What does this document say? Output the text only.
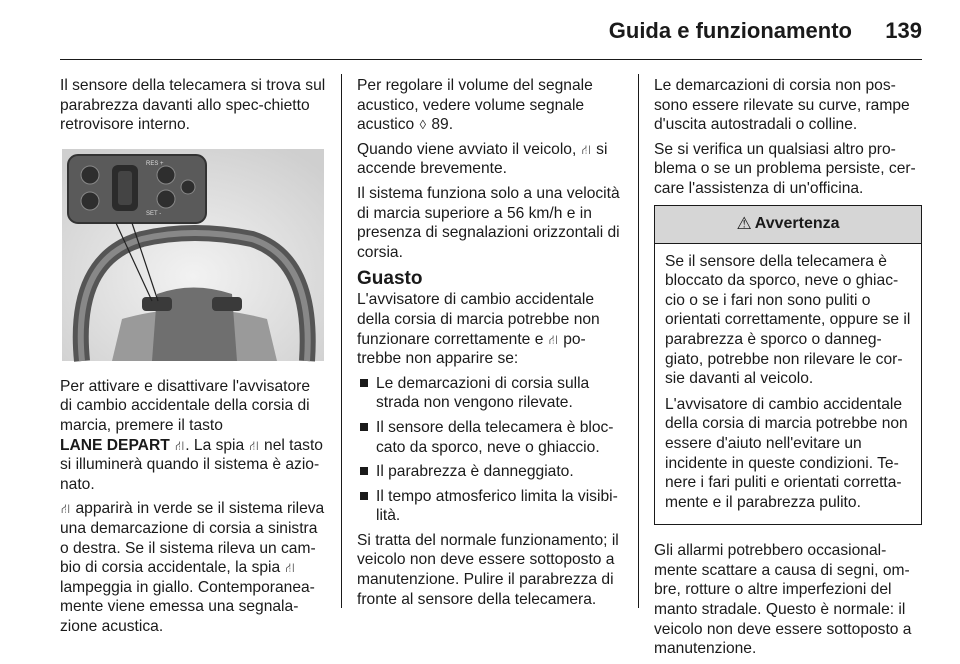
Guida e funzionamento 139

Il sensore della telecamera si trova sul parabrezza davanti allo spec-chietto retrovisore interno.

RES +
SET -

Per attivare e disattivare l'avvisatore di cambio accidentale della corsia di marcia, premere il tasto
LANE DEPART ⛙. La spia ⛙ nel tasto si illuminerà quando il sistema è azio-nato.

⛙ apparirà in verde se il sistema rileva una demarcazione di corsia a sinistra o destra. Se il sistema rileva un cam-bio di corsia accidentale, la spia ⛙ lampeggia in giallo. Contemporanea-mente viene emessa una segnala-zione acustica.

Per regolare il volume del segnale acustico, vedere volume segnale acustico ◊ 89.

Quando viene avviato il veicolo, ⛙ si accende brevemente.

Il sistema funziona solo a una velocità di marcia superiore a 56 km/h e in presenza di segnalazioni orizzontali di corsia.

Guasto

L'avvisatore di cambio accidentale della corsia di marcia potrebbe non funzionare correttamente e ⛙ po-trebbe non apparire se:

Le demarcazioni di corsia sulla strada non vengono rilevate.
Il sensore della telecamera è bloc-cato da sporco, neve o ghiaccio.
Il parabrezza è danneggiato.
Il tempo atmosferico limita la visibi-lità.

Si tratta del normale funzionamento; il veicolo non deve essere sottoposto a manutenzione. Pulire il parabrezza di fronte al sensore della telecamera.

Le demarcazioni di corsia non pos-sono essere rilevate su curve, rampe d'uscita autostradali o colline.

Se si verifica un qualsiasi altro pro-blema o se un problema persiste, cer-care l'assistenza di un'officina.

⚠ Avvertenza

Se il sensore della telecamera è bloccato da sporco, neve o ghiac-cio o se i fari non sono puliti o orientati correttamente, oppure se il parabrezza è sporco o danneg-giato, potrebbe non rilevare le cor-sie davanti al veicolo.

L'avvisatore di cambio accidentale della corsia di marcia potrebbe non essere d'aiuto nell'evitare un incidente in queste condizioni. Te-nere i fari puliti e orientati corretta-mente e il parabrezza pulito.

Gli allarmi potrebbero occasional-mente scattare a causa di segni, om-bre, rotture o altre imperfezioni del manto stradale. Questo è normale: il veicolo non deve essere sottoposto a manutenzione.
